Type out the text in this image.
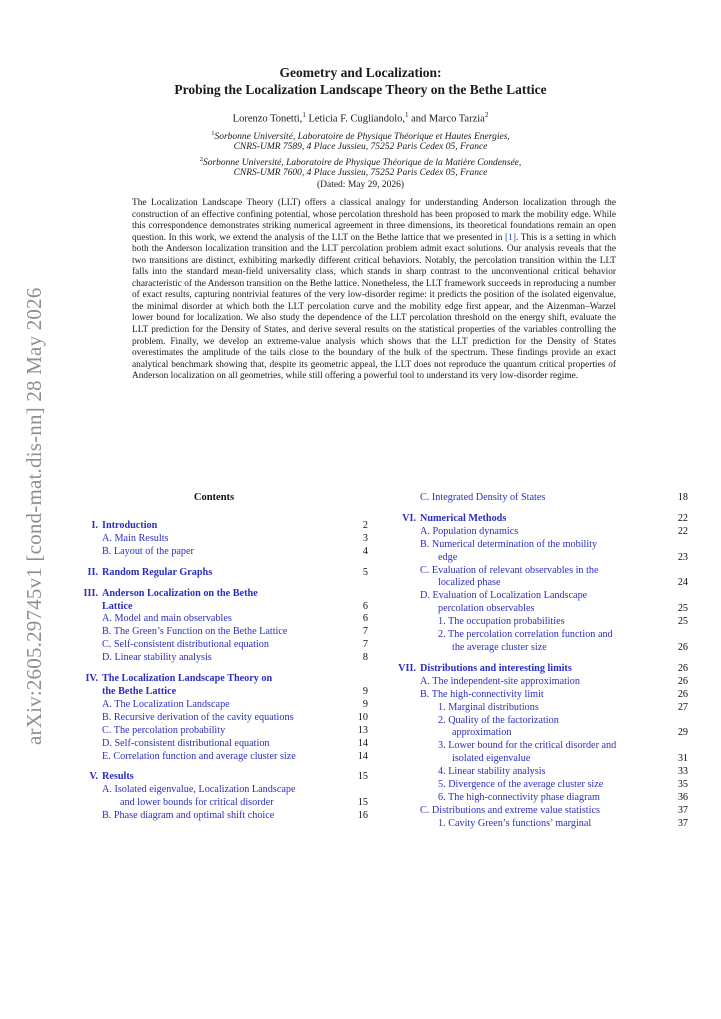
arXiv:2605.29745v1 [cond-mat.dis-nn] 28 May 2026
Geometry and Localization:
Probing the Localization Landscape Theory on the Bethe Lattice
Lorenzo Tonetti,$^1$ Leticia F. Cugliandolo,$^1$ and Marco Tarzia$^2$
$^1$Sorbonne Université, Laboratoire de Physique Théorique et Hautes Energies,
CNRS-UMR 7589, 4 Place Jussieu, 75252 Paris Cedex 05, France
$^2$Sorbonne Université, Laboratoire de Physique Théorique de la Matière Condensée,
CNRS-UMR 7600, 4 Place Jussieu, 75252 Paris Cedex 05, France
(Dated: May 29, 2026)
The Localization Landscape Theory (LLT) offers a classical analogy for understanding Anderson localization through the construction of an effective confining potential, whose percolation threshold has been proposed to mark the mobility edge. While this correspondence demonstrates striking numerical agreement in three dimensions, its theoretical foundations remain an open question. In this work, we extend the analysis of the LLT on the Bethe lattice that we presented in [1]. This is a setting in which both the Anderson localization transition and the LLT percolation problem admit exact solutions. Our analysis reveals that the two transitions are distinct, exhibiting markedly different critical behaviors. Notably, the percolation transition within the LLT falls into the standard mean-field universality class, which stands in sharp contrast to the unconventional critical behavior characteristic of the Anderson transition on the Bethe lattice. Nonetheless, the LLT framework succeeds in reproducing a number of exact results, capturing nontrivial features of the very low-disorder regime: it predicts the position of the isolated eigenvalue, the minimal disorder at which both the LLT percolation curve and the mobility edge first appear, and the Aizenman–Warzel lower bound for localization. We also study the dependence of the LLT percolation threshold on the energy shift, evaluate the LLT prediction for the Density of States, and derive several results on the statistical properties of the variables controlling the problem. Finally, we develop an extreme-value analysis which shows that the LLT prediction for the Density of States overestimates the amplitude of the tails close to the boundary of the bulk of the spectrum. These findings provide an exact analytical benchmark showing that, despite its geometric appeal, the LLT does not reproduce the quantum critical properties of Anderson localization on all geometries, while still offering a powerful tool to understand its very low-disorder regime.
Contents
I. Introduction	2
A. Main Results	3
B. Layout of the paper	4
II. Random Regular Graphs	5
III. Anderson Localization on the Bethe
Lattice	6
A. Model and main observables	6
B. The Green’s Function on the Bethe Lattice	7
C. Self-consistent distributional equation	7
D. Linear stability analysis	8
IV. The Localization Landscape Theory on
the Bethe Lattice	9
A. The Localization Landscape	9
B. Recursive derivation of the cavity equations	10
C. The percolation probability	13
D. Self-consistent distributional equation	14
E. Correlation function and average cluster size	14
V. Results	15
A. Isolated eigenvalue, Localization Landscape
and lower bounds for critical disorder	15
B. Phase diagram and optimal shift choice	16
C. Integrated Density of States	18
VI. Numerical Methods	22
A. Population dynamics	22
B. Numerical determination of the mobility
edge	23
C. Evaluation of relevant observables in the
localized phase	24
D. Evaluation of Localization Landscape
percolation observables	25
1. The occupation probabilities	25
2. The percolation correlation function and
the average cluster size	26
VII. Distributions and interesting limits	26
A. The independent-site approximation	26
B. The high-connectivity limit	26
1. Marginal distributions	27
2. Quality of the factorization
approximation	29
3. Lower bound for the critical disorder and
isolated eigenvalue	31
4. Linear stability analysis	33
5. Divergence of the average cluster size	35
6. The high-connectivity phase diagram	36
C. Distributions and extreme value statistics	37
1. Cavity Green’s functions’ marginal	37
